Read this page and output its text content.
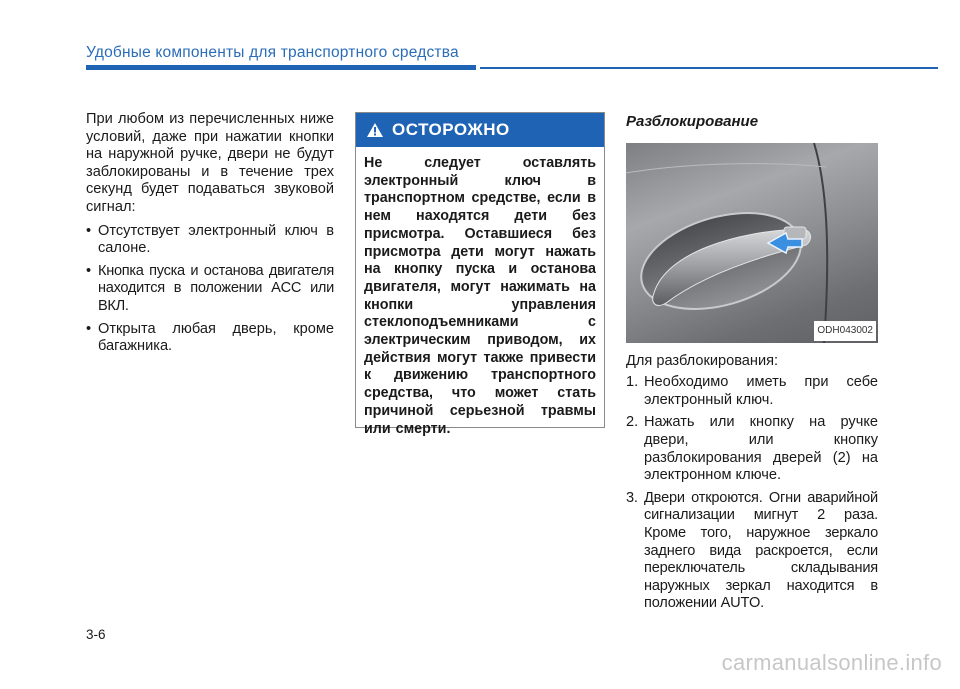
Удобные компоненты для транспортного средства

При любом из перечисленных ниже условий, даже при нажатии кнопки на наружной ручке, двери не будут заблокированы и в течение трех секунд будет подаваться звуковой сигнал:

• Отсутствует электронный ключ в салоне.
• Кнопка пуска и останова двигателя находится в положении ACC или ВКЛ.
• Открыта любая дверь, кроме багажника.
ОСТОРОЖНО
Не следует оставлять электронный ключ в транспортном средстве, если в нем находятся дети без присмотра. Оставшиеся без присмотра дети могут нажать на кнопку пуска и останова двигателя, могут нажимать на кнопки управления стеклоподъемниками с электрическим приводом, их действия могут также привести к движению транспортного средства, что может стать причиной серьезной травмы или смерти.
Разблокирование
ODH043002

Для разблокирования:

1. Необходимо иметь при себе электронный ключ.
2. Нажать или кнопку на ручке двери, или кнопку разблокирования дверей (2) на электронном ключе.
3. Двери откроются. Огни аварийной сигнализации мигнут 2 раза. Кроме того, наружное зеркало заднего вида раскроется, если переключатель складывания наружных зеркал находится в положении AUTO.
3-6
carmanualsonline.info
